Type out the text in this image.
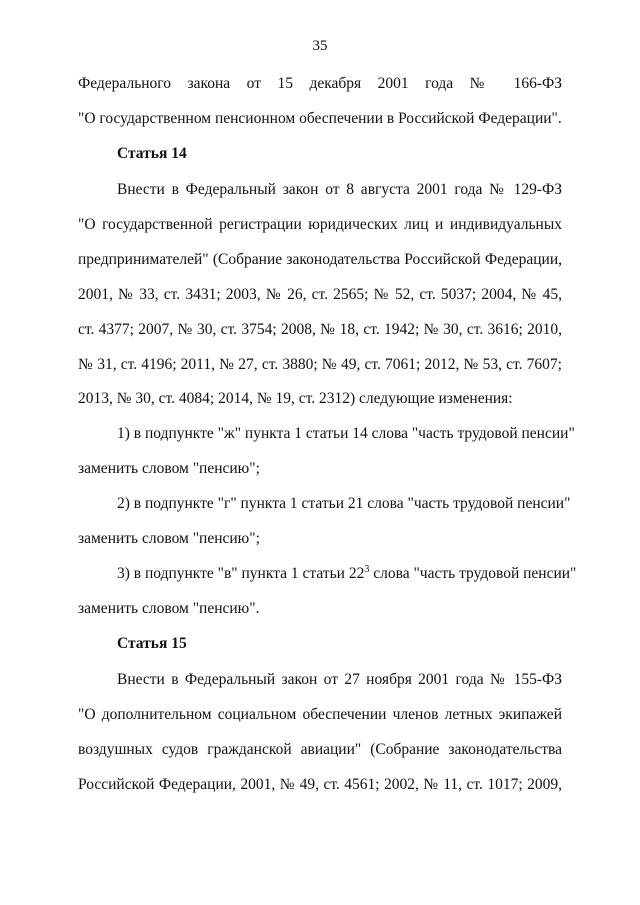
35
Федерального закона от 15 декабря 2001 года № 166-ФЗ
"О государственном пенсионном обеспечении в Российской Федерации".
Статья 14
Внести в Федеральный закон от 8 августа 2001 года № 129-ФЗ
"О государственной регистрации юридических лиц и индивидуальных
предпринимателей" (Собрание законодательства Российской Федерации,
2001, № 33, ст. 3431; 2003, № 26, ст. 2565; № 52, ст. 5037; 2004, № 45,
ст. 4377; 2007, № 30, ст. 3754; 2008, № 18, ст. 1942; № 30, ст. 3616; 2010,
№ 31, ст. 4196; 2011, № 27, ст. 3880; № 49, ст. 7061; 2012, № 53, ст. 7607;
2013, № 30, ст. 4084; 2014, № 19, ст. 2312) следующие изменения:
1) в подпункте "ж" пункта 1 статьи 14 слова "часть трудовой пенсии"
заменить словом "пенсию";
2) в подпункте "г" пункта 1 статьи 21 слова "часть трудовой пенсии"
заменить словом "пенсию";
3) в подпункте "в" пункта 1 статьи $22^3$ слова "часть трудовой пенсии"
заменить словом "пенсию".
Статья 15
Внести в Федеральный закон от 27 ноября 2001 года № 155-ФЗ
"О дополнительном социальном обеспечении членов летных экипажей
воздушных судов гражданской авиации" (Собрание законодательства
Российской Федерации, 2001, № 49, ст. 4561; 2002, № 11, ст. 1017; 2009,
